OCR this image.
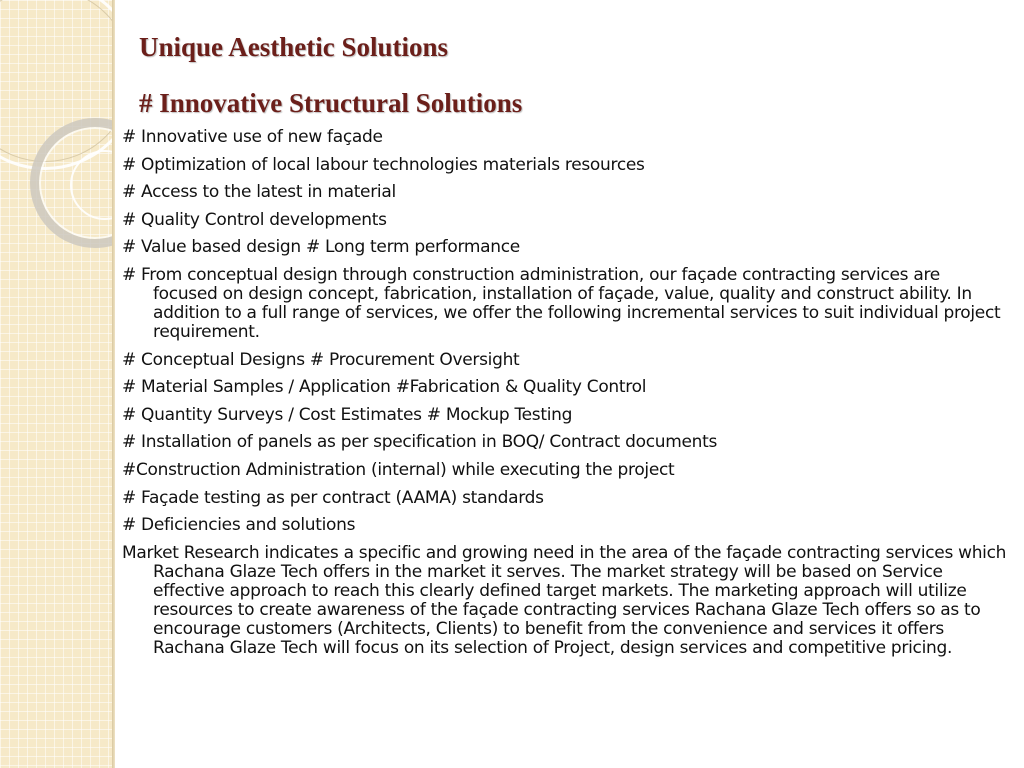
Unique Aesthetic Solutions
# Innovative Structural Solutions
# Innovative use of new façade
# Optimization of local labour technologies materials resources
# Access to the latest in material
# Quality Control developments
# Value based design # Long term performance
# From conceptual design through construction administration, our façade contracting services are focused on design concept, fabrication, installation of façade, value, quality and construct ability. In addition to a full range of services, we offer the following incremental services to suit individual project requirement.
# Conceptual Designs # Procurement Oversight
# Material Samples / Application #Fabrication & Quality Control
# Quantity Surveys / Cost Estimates # Mockup Testing
# Installation of panels as per specification in BOQ/ Contract documents
#Construction Administration (internal) while executing the project
# Façade testing as per contract (AAMA) standards
# Deficiencies and solutions
Market Research indicates a specific and growing need in the area of the façade contracting services which Rachana Glaze Tech offers in the market it serves. The market strategy will be based on Service effective approach to reach this clearly defined target markets. The marketing approach will utilize resources to create awareness of the façade contracting services Rachana Glaze Tech offers so as to encourage customers (Architects, Clients) to benefit from the convenience and services it offers Rachana Glaze Tech will focus on its selection of Project, design services and competitive pricing.
